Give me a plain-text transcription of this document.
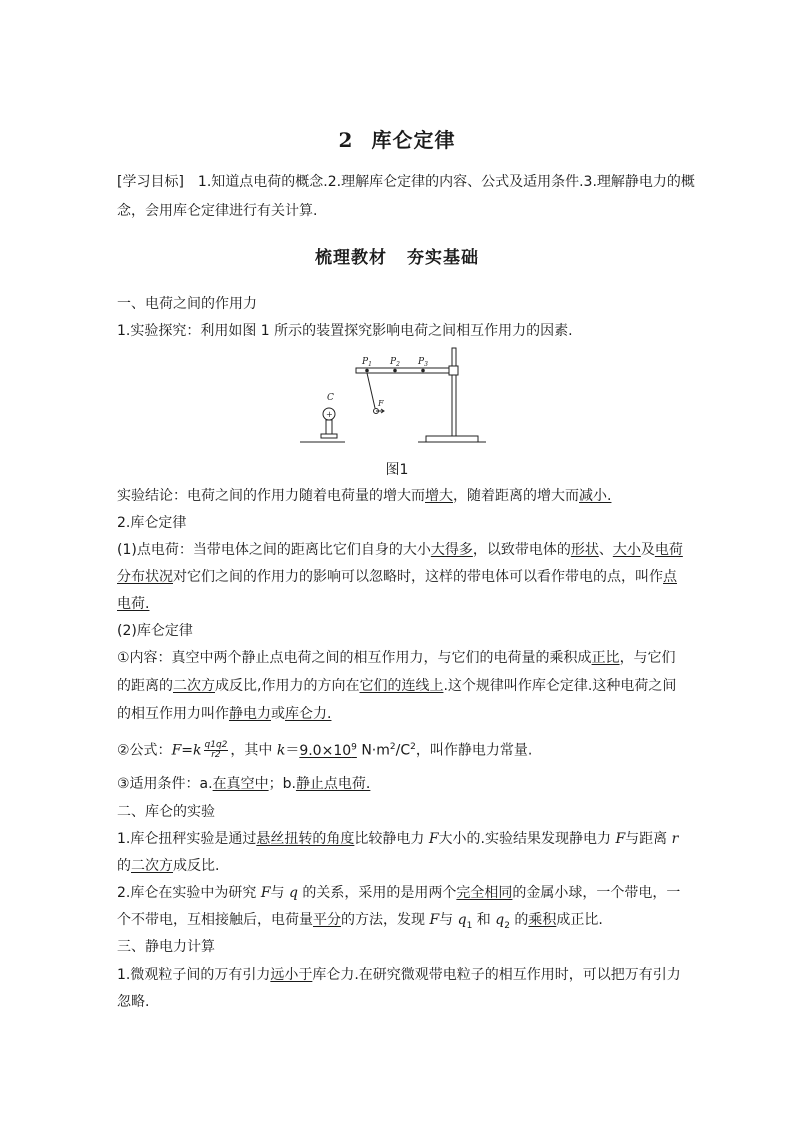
2 库仑定律
[学习目标]　1.知道点电荷的概念.2.理解库仑定律的内容、公式及适用条件.3.理解静电力的概
念，会用库仑定律进行有关计算.
梳理教材 夯实基础
一、电荷之间的作用力
1.实验探究：利用如图 1 所示的装置探究影响电荷之间相互作用力的因素.
$P_1$ $P_2$ $P_3$
C
F
+
图1
实验结论：电荷之间的作用力随着电荷量的增大而增大，随着距离的增大而减小.
2.库仑定律
(1)点电荷：当带电体之间的距离比它们自身的大小大得多，以致带电体的形状、大小及电荷
分布状况对它们之间的作用力的影响可以忽略时，这样的带电体可以看作带电的点，叫作点
电荷.
(2)库仑定律
①内容：真空中两个静止点电荷之间的相互作用力，与它们的电荷量的乘积成正比，与它们
的距离的二次方成反比,作用力的方向在它们的连线上.这个规律叫作库仑定律.这种电荷之间
的相互作用力叫作静电力或库仑力.
②公式：$F=k \frac{q1q2}{r2}$ ，其中 $k=9.0\times 10^9$ $N\cdot m^2/C^2$，叫作静电力常量.
③适用条件：a.在真空中；b.静止点电荷.
二、库仑的实验
1.库仑扭秤实验是通过悬丝扭转的角度比较静电力 F大小的.实验结果发现静电力 F与距离 r
的二次方成反比.
2.库仑在实验中为研究 F与 q 的关系，采用的是用两个完全相同的金属小球，一个带电，一
个不带电，互相接触后，电荷量平分的方法，发现 F与 $q_1$ 和 $q_2$ 的乘积成正比.
三、静电力计算
1.微观粒子间的万有引力远小于库仑力.在研究微观带电粒子的相互作用时，可以把万有引力
忽略.
